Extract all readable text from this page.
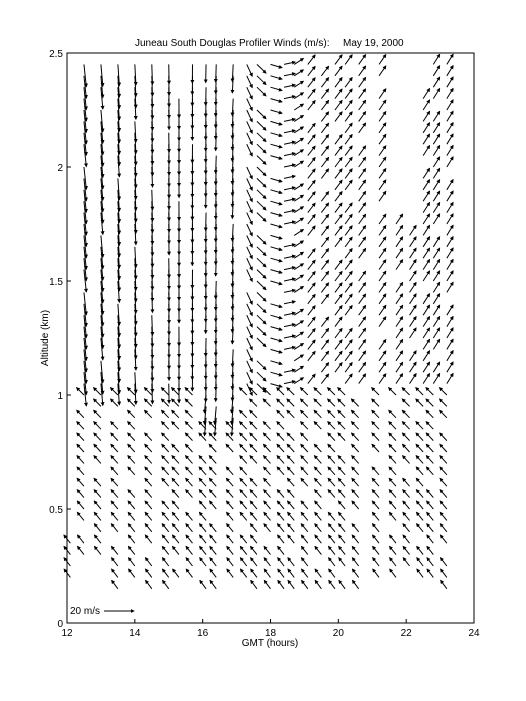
Juneau South Douglas Profiler Winds (m/s): May 19, 2000
12	14	16	18	20	22	24
0
0.5
1
1.5
2
2.5
GMT (hours)
Altitude (km)
20 m/s
